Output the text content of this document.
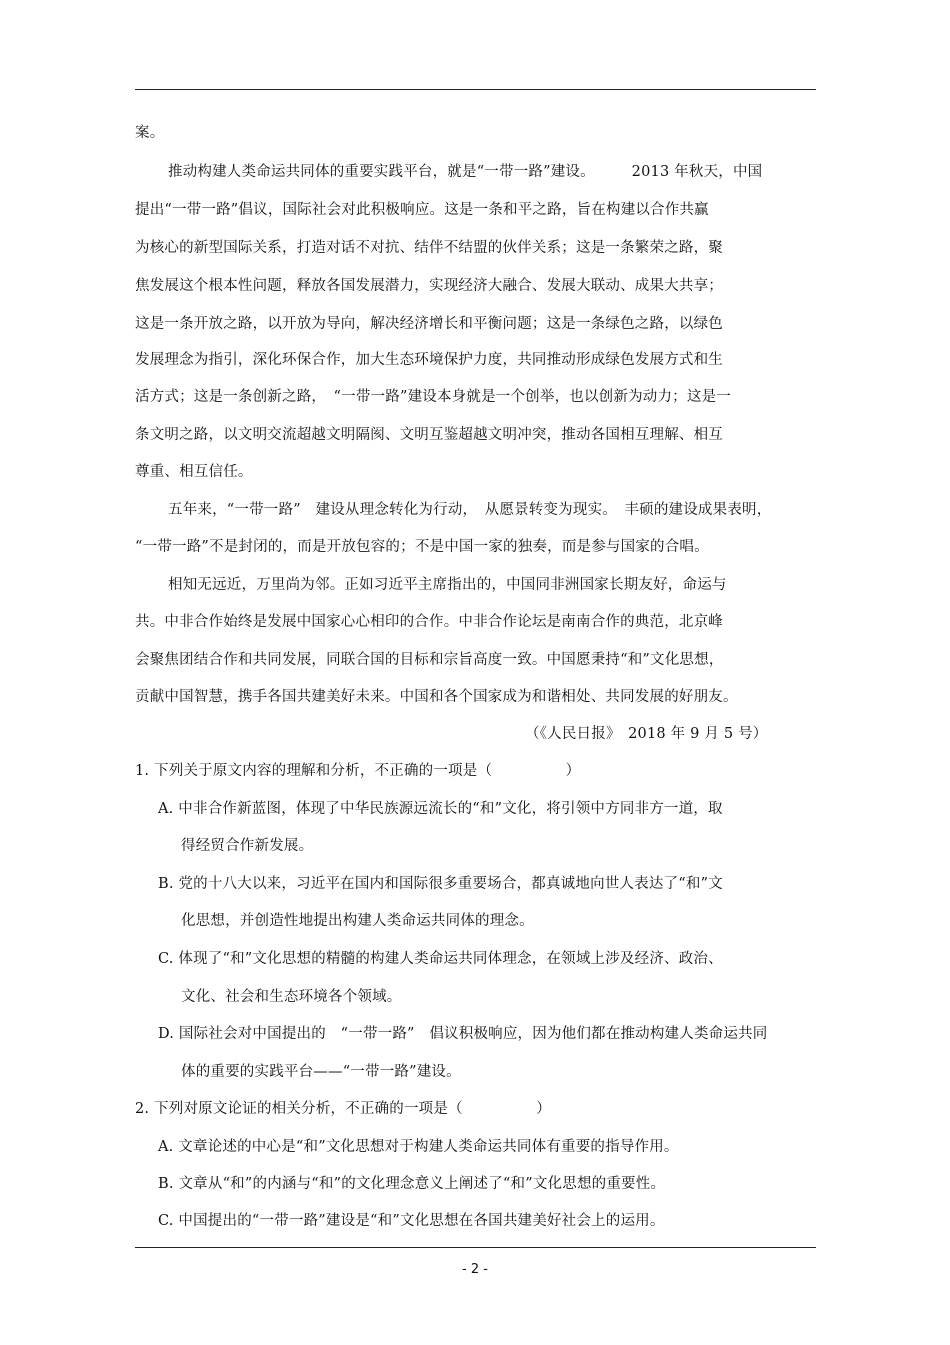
案。
推动构建人类命运共同体的重要实践平台，就是“一带一路”建设。　　　2013 年秋天，中国
提出“一带一路”倡议，国际社会对此积极响应。这是一条和平之路，旨在构建以合作共赢
为核心的新型国际关系，打造对话不对抗、结伴不结盟的伙伴关系；这是一条繁荣之路，聚
焦发展这个根本性问题，释放各国发展潜力，实现经济大融合、发展大联动、成果大共享；
这是一条开放之路，以开放为导向，解决经济增长和平衡问题；这是一条绿色之路，以绿色
发展理念为指引，深化环保合作，加大生态环境保护力度，共同推动形成绿色发展方式和生
活方式；这是一条创新之路，　“一带一路”建设本身就是一个创举，也以创新为动力；这是一
条文明之路，以文明交流超越文明隔阂、文明互鉴超越文明冲突，推动各国相互理解、相互
尊重、相互信任。
五年来，“一带一路”　建设从理念转化为行动，　从愿景转变为现实。　丰硕的建设成果表明，
“一带一路”不是封闭的，而是开放包容的；不是中国一家的独奏，而是参与国家的合唱。
相知无远近，万里尚为邻。正如习近平主席指出的，中国同非洲国家长期友好，命运与
共。中非合作始终是发展中国家心心相印的合作。中非合作论坛是南南合作的典范，北京峰
会聚焦团结合作和共同发展，同联合国的目标和宗旨高度一致。中国愿秉持“和”文化思想，
贡献中国智慧，携手各国共建美好未来。中国和各个国家成为和谐相处、共同发展的好朋友。
（《人民日报》　2018 年 9 月 5 号）
1. 下列关于原文内容的理解和分析，不正确的一项是（　　　　　）
A. 中非合作新蓝图，体现了中华民族源远流长的“和”文化，将引领中方同非方一道，取
得经贸合作新发展。
B. 党的十八大以来，习近平在国内和国际很多重要场合，都真诚地向世人表达了“和”文
化思想，并创造性地提出构建人类命运共同体的理念。
C. 体现了“和”文化思想的精髓的构建人类命运共同体理念，在领域上涉及经济、政治、
文化、社会和生态环境各个领域。
D. 国际社会对中国提出的　“一带一路”　倡议积极响应，因为他们都在推动构建人类命运共同
体的重要的实践平台——“一带一路”建设。
2. 下列对原文论证的相关分析，不正确的一项是（　　　　　）
A. 文章论述的中心是“和”文化思想对于构建人类命运共同体有重要的指导作用。
B. 文章从“和”的内涵与“和”的文化理念意义上阐述了“和”文化思想的重要性。
C. 中国提出的“一带一路”建设是“和”文化思想在各国共建美好社会上的运用。
- 2 -
